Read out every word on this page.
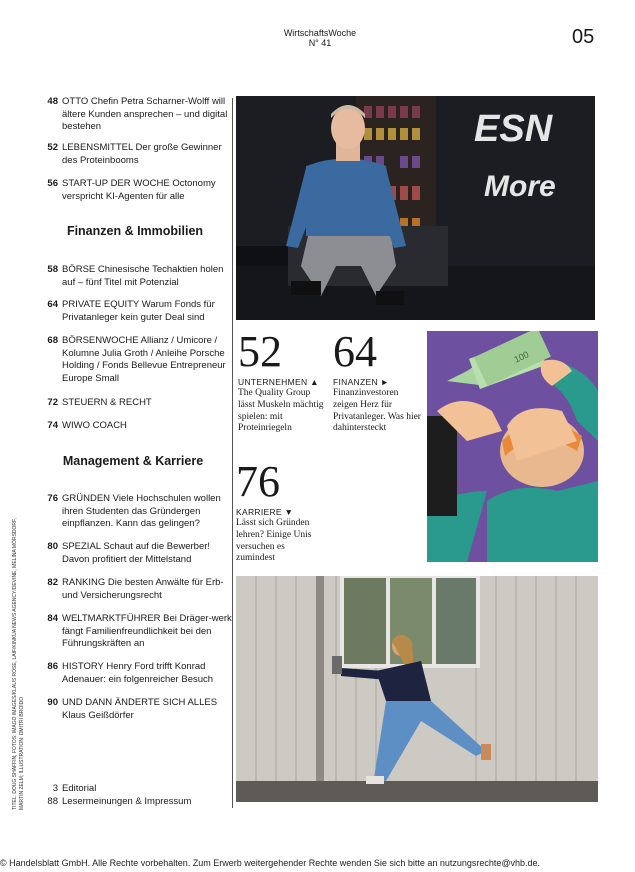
WirtschaftsWoche
N° 41	05
48 OTTO Chefin Petra Scharner-Wolff will ältere Kunden ansprechen – und digital bestehen
52 LEBENSMITTEL Der große Gewinner des Proteinbooms
56 START-UP DER WOCHE Octonomy verspricht KI-Agenten für alle
Finanzen & Immobilien
58 BÖRSE Chinesische Techaktien holen auf – fünf Titel mit Potenzial
64 PRIVATE EQUITY Warum Fonds für Privatanleger kein guter Deal sind
68 BÖRSENWOCHE Allianz / Umicore / Kolumne Julia Groth / Anleihe Porsche Holding / Fonds Bellevue Entrepreneur Europe Small
72 STEUERN & RECHT
74 WIWO COACH
Management & Karriere
76 GRÜNDEN Viele Hochschulen wollen ihren Studenten das Gründergen einpflanzen. Kann das gelingen?
80 SPEZIAL Schaut auf die Bewerber! Davon profitiert der Mittelstand
82 RANKING Die besten Anwälte für Erb- und Versicherungsrecht
84 WELTMARKTFÜHRER Bei Dräger-werk fängt Familienfreundlichkeit bei den Führungskräften an
86 HISTORY Henry Ford trifft Konrad Adenauer: ein folgenreicher Besuch
90 UND DANN ÄNDERTE SICH ALLES Klaus Geißdörfer
3 Editorial
88 Lesermeinungen & Impressum
TITEL: DOUG SHAFFIN; FOTOS: IMAGO IMAGES/KLAUS ROSE, LAIF/KINKUA NEWS AGENCY/DEVINE, MELINA MÖRSDORF, MARTIN ZELM; ILLUSTRATION: DMITRI BROIDO
ESN
More
52
UNTERNEHMEN ▲
The Quality Group lässt Muskeln mächtig spielen: mit Proteinriegeln
64
FINANZEN ►
Finanzinvestoren zeigen Herz für Privatanleger. Was hier dahintersteckt
76
KARRIERE ▼
Lässt sich Gründen lehren? Einige Unis versuchen es zumindest
100
© Handelsblatt GmbH. Alle Rechte vorbehalten. Zum Erwerb weitergehender Rechte wenden Sie sich bitte an nutzungsrechte@vhb.de.
